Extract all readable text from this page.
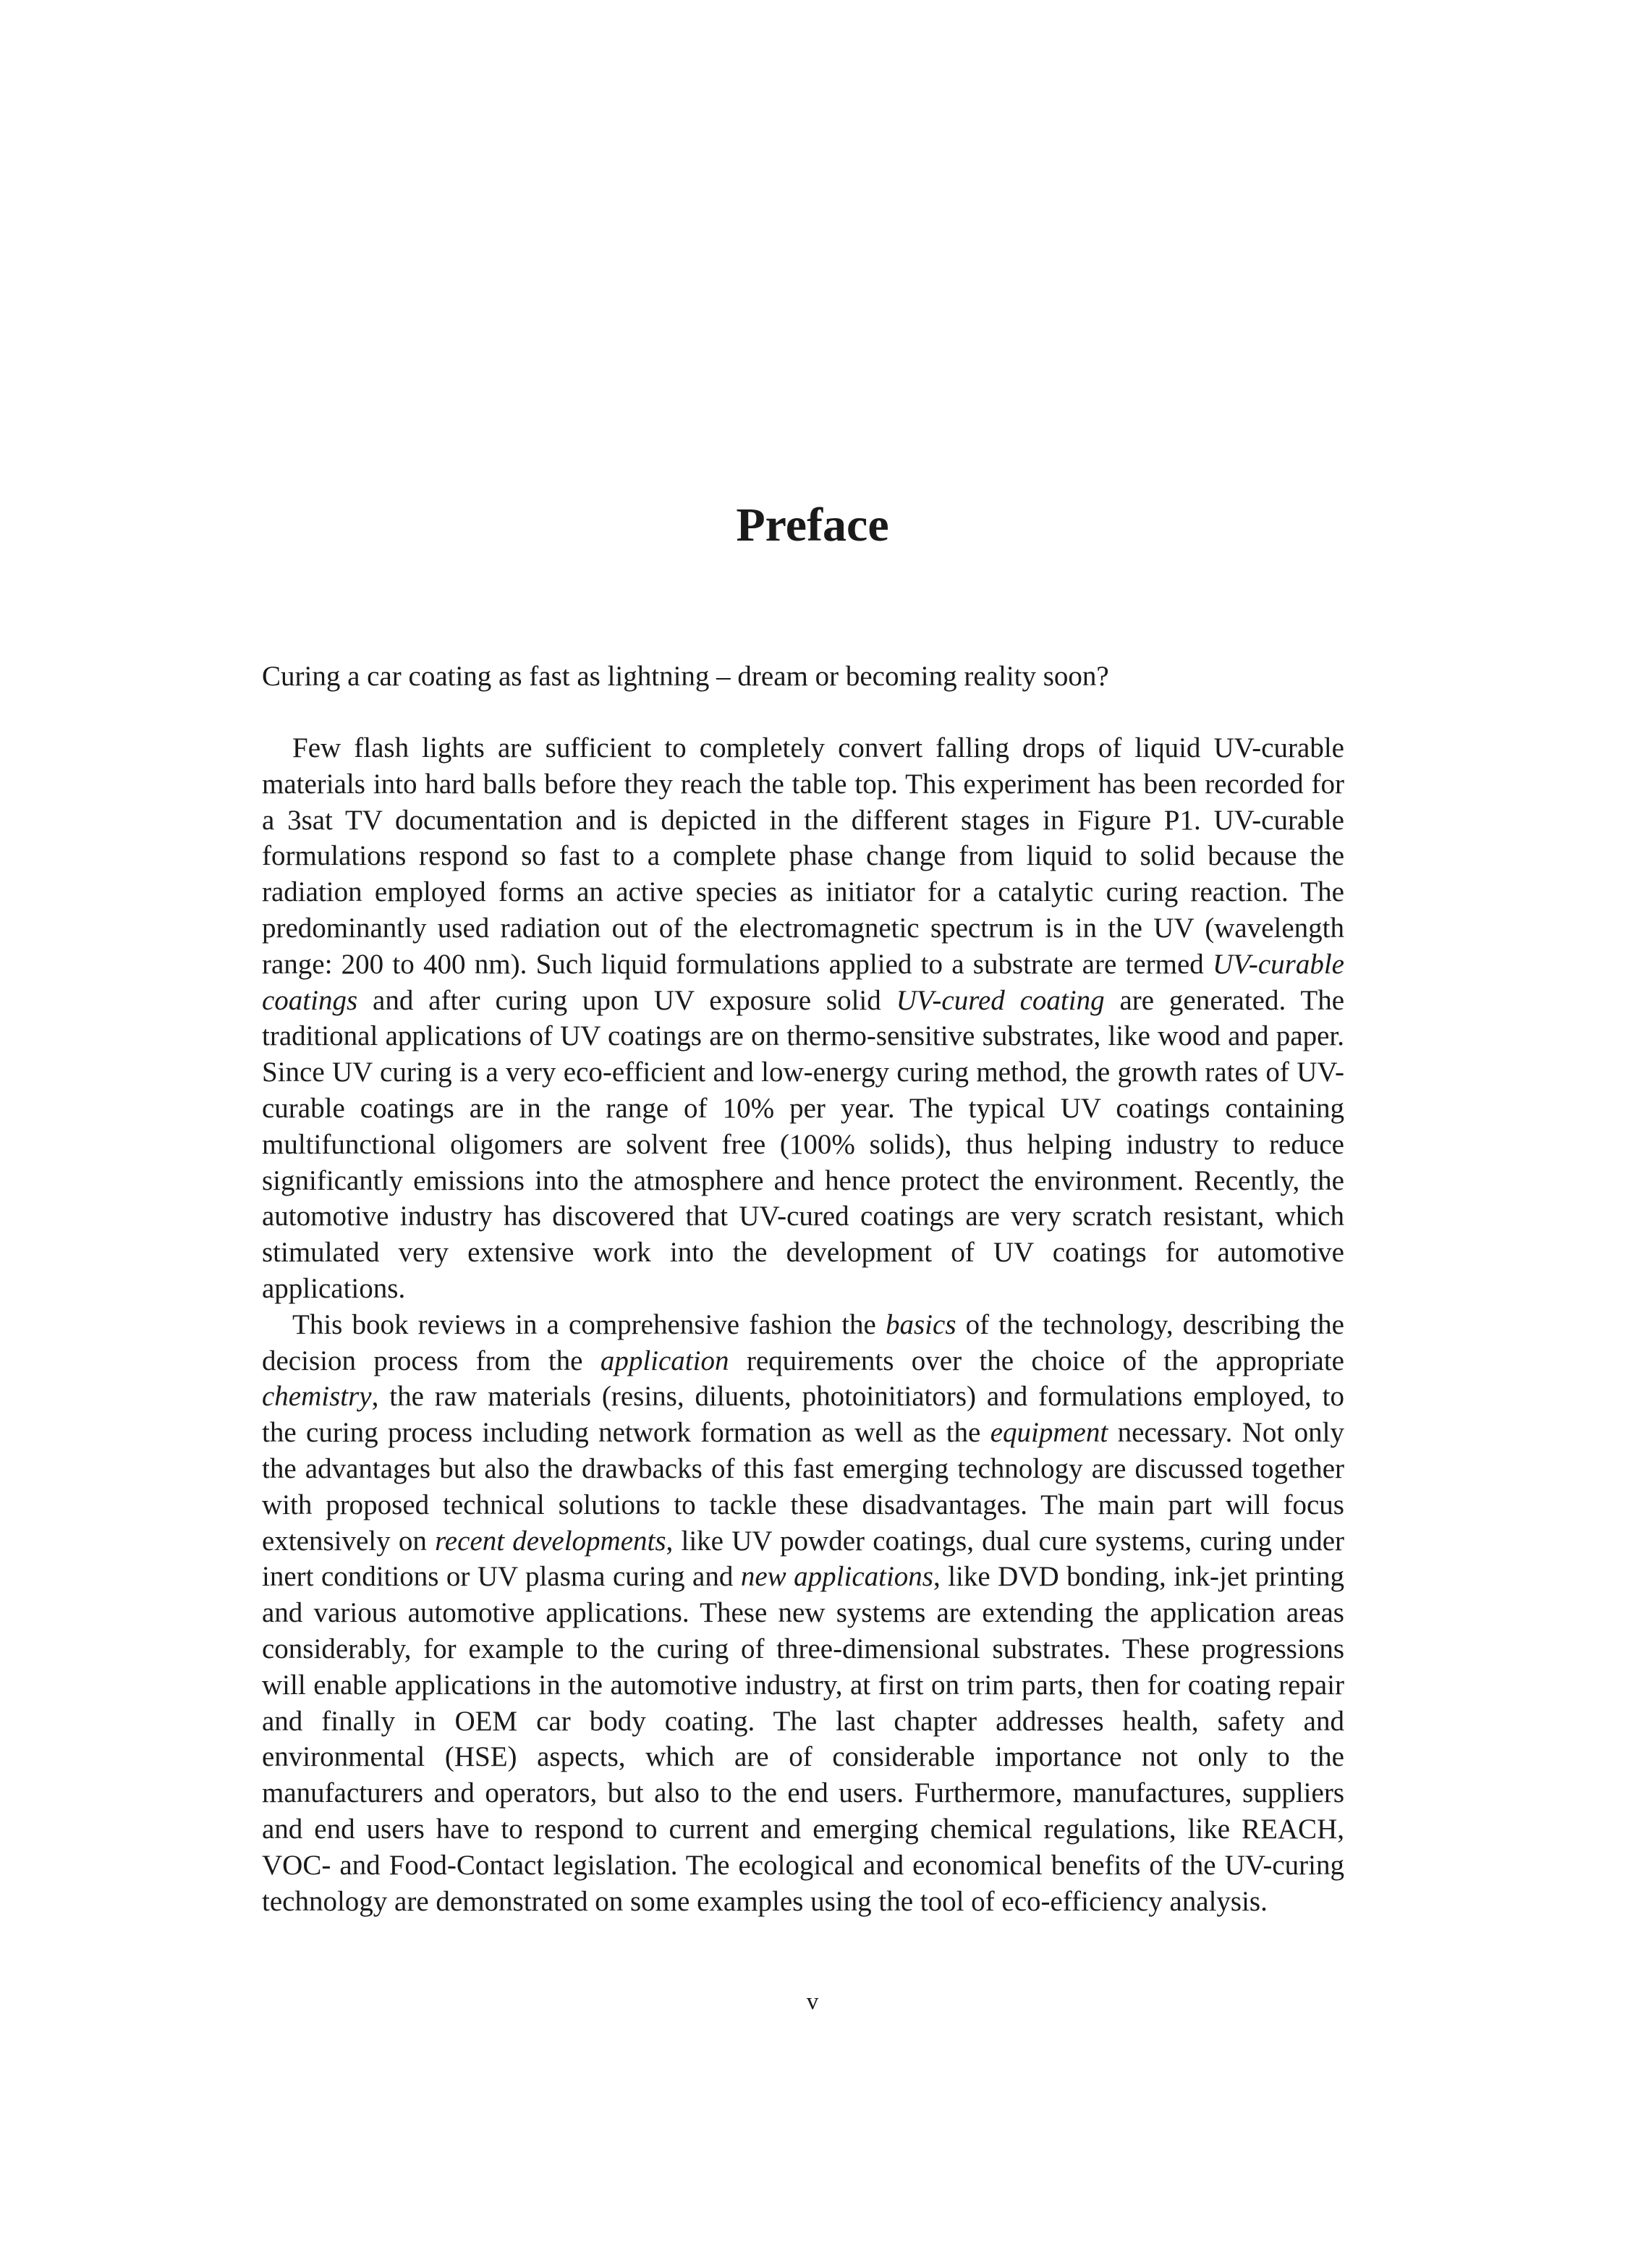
Preface

Curing a car coating as fast as lightning – dream or becoming reality soon?

Few flash lights are sufficient to completely convert falling drops of liquid UV-curable materials into hard balls before they reach the table top. This experiment has been recorded for a 3sat TV documentation and is depicted in the different stages in Figure P1. UV-curable formulations respond so fast to a complete phase change from liquid to solid because the radiation employed forms an active species as initiator for a catalytic curing reaction. The predominantly used radiation out of the electromagnetic spectrum is in the UV (wavelength range: 200 to 400 nm). Such liquid formulations applied to a substrate are termed UV-curable coatings and after curing upon UV exposure solid UV-cured coating are generated. The traditional applications of UV coatings are on thermo-sensitive substrates, like wood and paper. Since UV curing is a very eco-efficient and low-energy curing method, the growth rates of UV-curable coatings are in the range of 10% per year. The typical UV coatings containing multifunctional oligomers are solvent free (100% solids), thus helping industry to reduce significantly emissions into the atmosphere and hence protect the environment. Recently, the automotive industry has discovered that UV-cured coatings are very scratch resistant, which stimulated very extensive work into the development of UV coatings for automotive applications.

This book reviews in a comprehensive fashion the basics of the technology, describing the decision process from the application requirements over the choice of the appropriate chemistry, the raw materials (resins, diluents, photoinitiators) and formulations employed, to the curing process including network formation as well as the equipment necessary. Not only the advantages but also the drawbacks of this fast emerging technology are discussed together with proposed technical solutions to tackle these disadvantages. The main part will focus extensively on recent developments, like UV powder coatings, dual cure systems, curing under inert conditions or UV plasma curing and new applications, like DVD bonding, ink-jet printing and various automotive applications. These new systems are extending the application areas considerably, for example to the curing of three-dimensional substrates. These progressions will enable applications in the automotive industry, at first on trim parts, then for coating repair and finally in OEM car body coating. The last chapter addresses health, safety and environmental (HSE) aspects, which are of considerable importance not only to the manufacturers and operators, but also to the end users. Furthermore, manufactures, suppliers and end users have to respond to current and emerging chemical regulations, like REACH, VOC- and Food-Contact legislation. The ecological and economical benefits of the UV-curing technology are demonstrated on some examples using the tool of eco-efficiency analysis.

v
